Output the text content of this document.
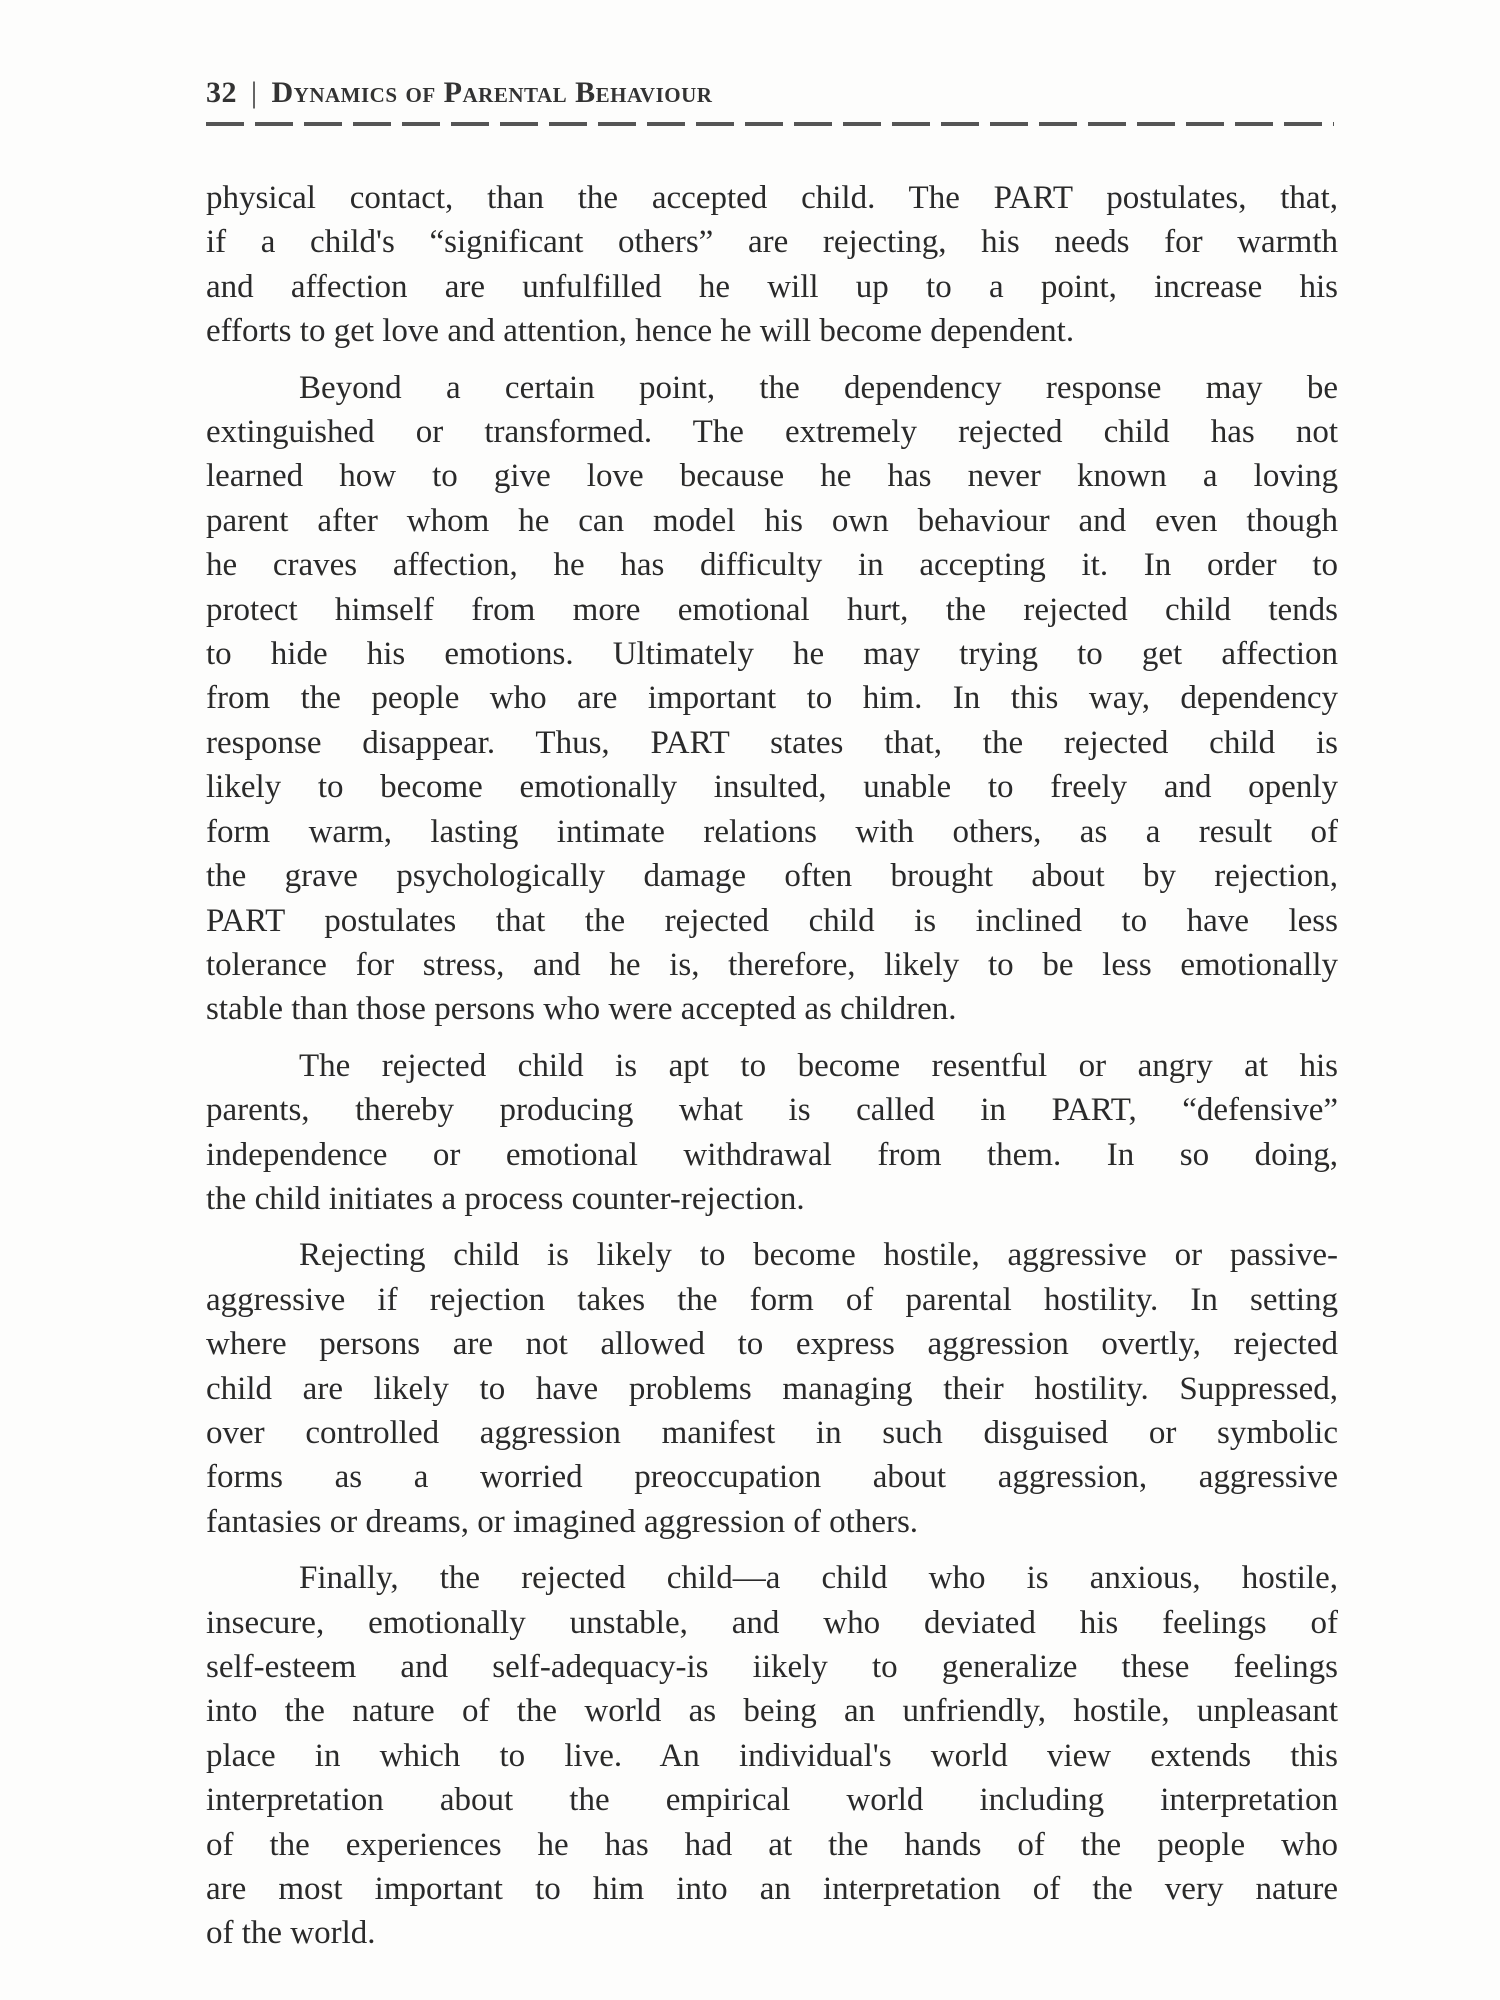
32 | Dynamics of Parental Behaviour
physical contact, than the accepted child. The PART postulates, that,
if a child's “significant others” are rejecting, his needs for warmth
and affection are unfulfilled he will up to a point, increase his
efforts to get love and attention, hence he will become dependent.
Beyond a certain point, the dependency response may be
extinguished or transformed. The extremely rejected child has not
learned how to give love because he has never known a loving
parent after whom he can model his own behaviour and even though
he craves affection, he has difficulty in accepting it. In order to
protect himself from more emotional hurt, the rejected child tends
to hide his emotions. Ultimately he may trying to get affection
from the people who are important to him. In this way, dependency
response disappear. Thus, PART states that, the rejected child is
likely to become emotionally insulted, unable to freely and openly
form warm, lasting intimate relations with others, as a result of
the grave psychologically damage often brought about by rejection,
PART postulates that the rejected child is inclined to have less
tolerance for stress, and he is, therefore, likely to be less emotionally
stable than those persons who were accepted as children.
The rejected child is apt to become resentful or angry at his
parents, thereby producing what is called in PART, “defensive”
independence or emotional withdrawal from them. In so doing,
the child initiates a process counter-rejection.
Rejecting child is likely to become hostile, aggressive or passive-
aggressive if rejection takes the form of parental hostility. In setting
where persons are not allowed to express aggression overtly, rejected
child are likely to have problems managing their hostility. Suppressed,
over controlled aggression manifest in such disguised or symbolic
forms as a worried preoccupation about aggression, aggressive
fantasies or dreams, or imagined aggression of others.
Finally, the rejected child—a child who is anxious, hostile,
insecure, emotionally unstable, and who deviated his feelings of
self-esteem and self-adequacy-is iikely to generalize these feelings
into the nature of the world as being an unfriendly, hostile, unpleasant
place in which to live. An individual's world view extends this
interpretation about the empirical world including interpretation
of the experiences he has had at the hands of the people who
are most important to him into an interpretation of the very nature
of the world.
